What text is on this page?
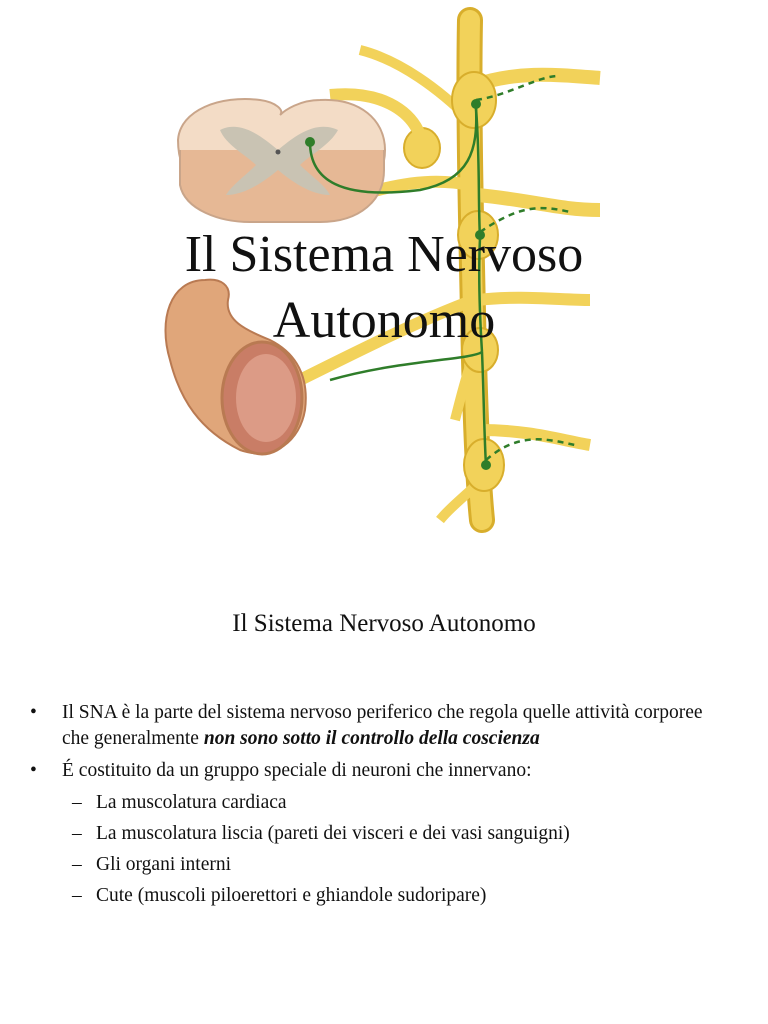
Il Sistema Nervoso
Autonomo
Il Sistema Nervoso Autonomo
• Il SNA è la parte del sistema nervoso periferico che regola quelle attività corporee che generalmente non sono sotto il controllo della coscienza
• É costituito da un gruppo speciale di neuroni che innervano:
– La muscolatura cardiaca
– La muscolatura liscia (pareti dei visceri e dei vasi sanguigni)
– Gli organi interni
– Cute (muscoli piloerettori e ghiandole sudoripare)
